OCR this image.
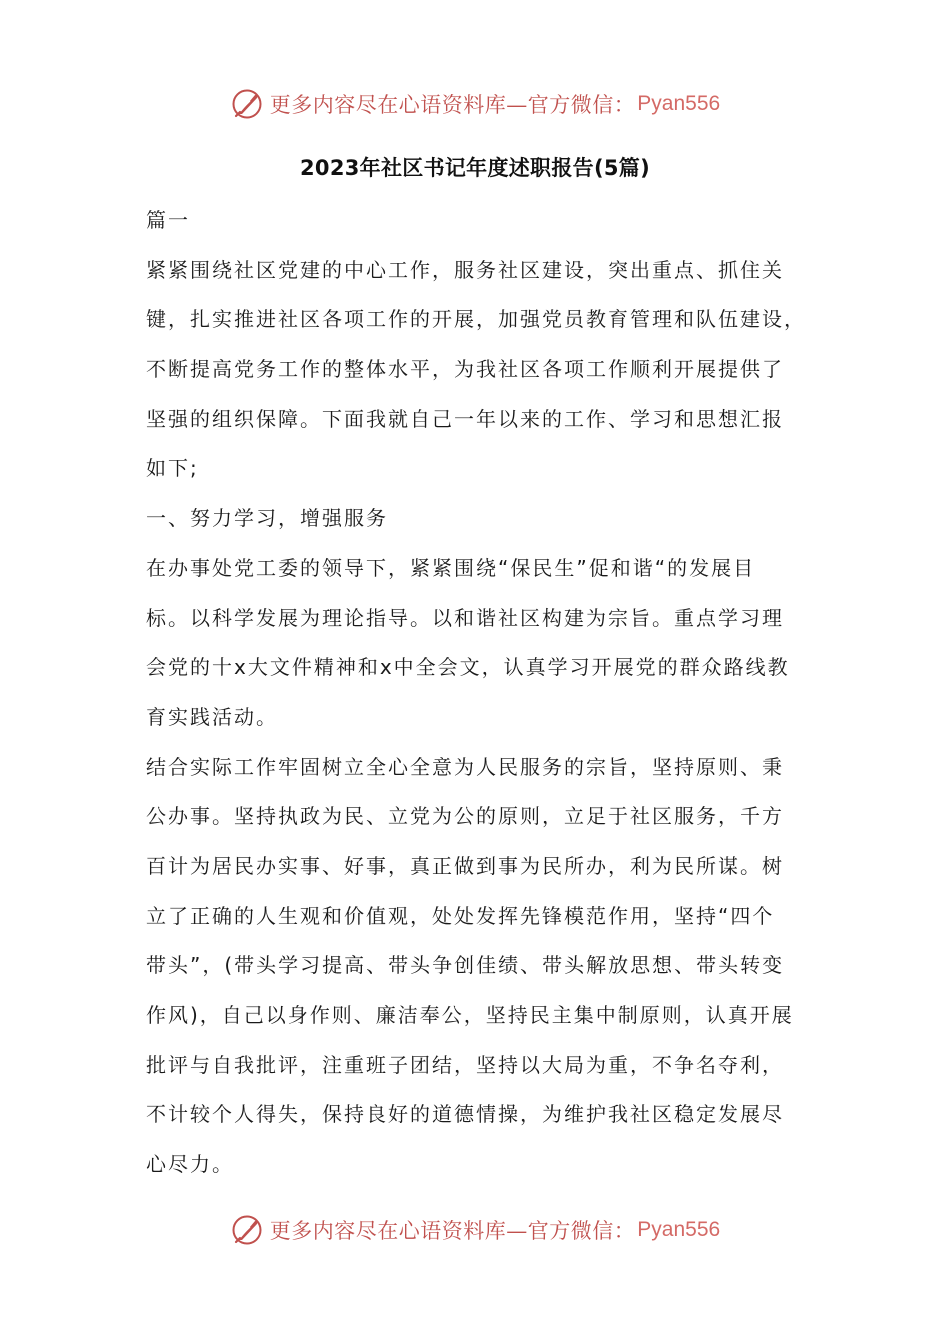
更多内容尽在心语资料库—官方微信： Pyan556
2023年社区书记年度述职报告(5篇)
篇一
紧紧围绕社区党建的中心工作，服务社区建设，突出重点、抓住关
键，扎实推进社区各项工作的开展，加强党员教育管理和队伍建设，
不断提高党务工作的整体水平，为我社区各项工作顺利开展提供了
坚强的组织保障。下面我就自己一年以来的工作、学习和思想汇报
如下;
一、努力学习，增强服务
在办事处党工委的领导下，紧紧围绕“保民生”促和谐“的发展目
标。以科学发展为理论指导。以和谐社区构建为宗旨。重点学习理
会党的十x大文件精神和x中全会文，认真学习开展党的群众路线教
育实践活动。
结合实际工作牢固树立全心全意为人民服务的宗旨，坚持原则、秉
公办事。坚持执政为民、立党为公的原则，立足于社区服务，千方
百计为居民办实事、好事，真正做到事为民所办，利为民所谋。树
立了正确的人生观和价值观，处处发挥先锋模范作用，坚持“四个
带头”，(带头学习提高、带头争创佳绩、带头解放思想、带头转变
作风)，自己以身作则、廉洁奉公，坚持民主集中制原则，认真开展
批评与自我批评，注重班子团结，坚持以大局为重，不争名夺利，
不计较个人得失，保持良好的道德情操，为维护我社区稳定发展尽
心尽力。
更多内容尽在心语资料库—官方微信： Pyan556
